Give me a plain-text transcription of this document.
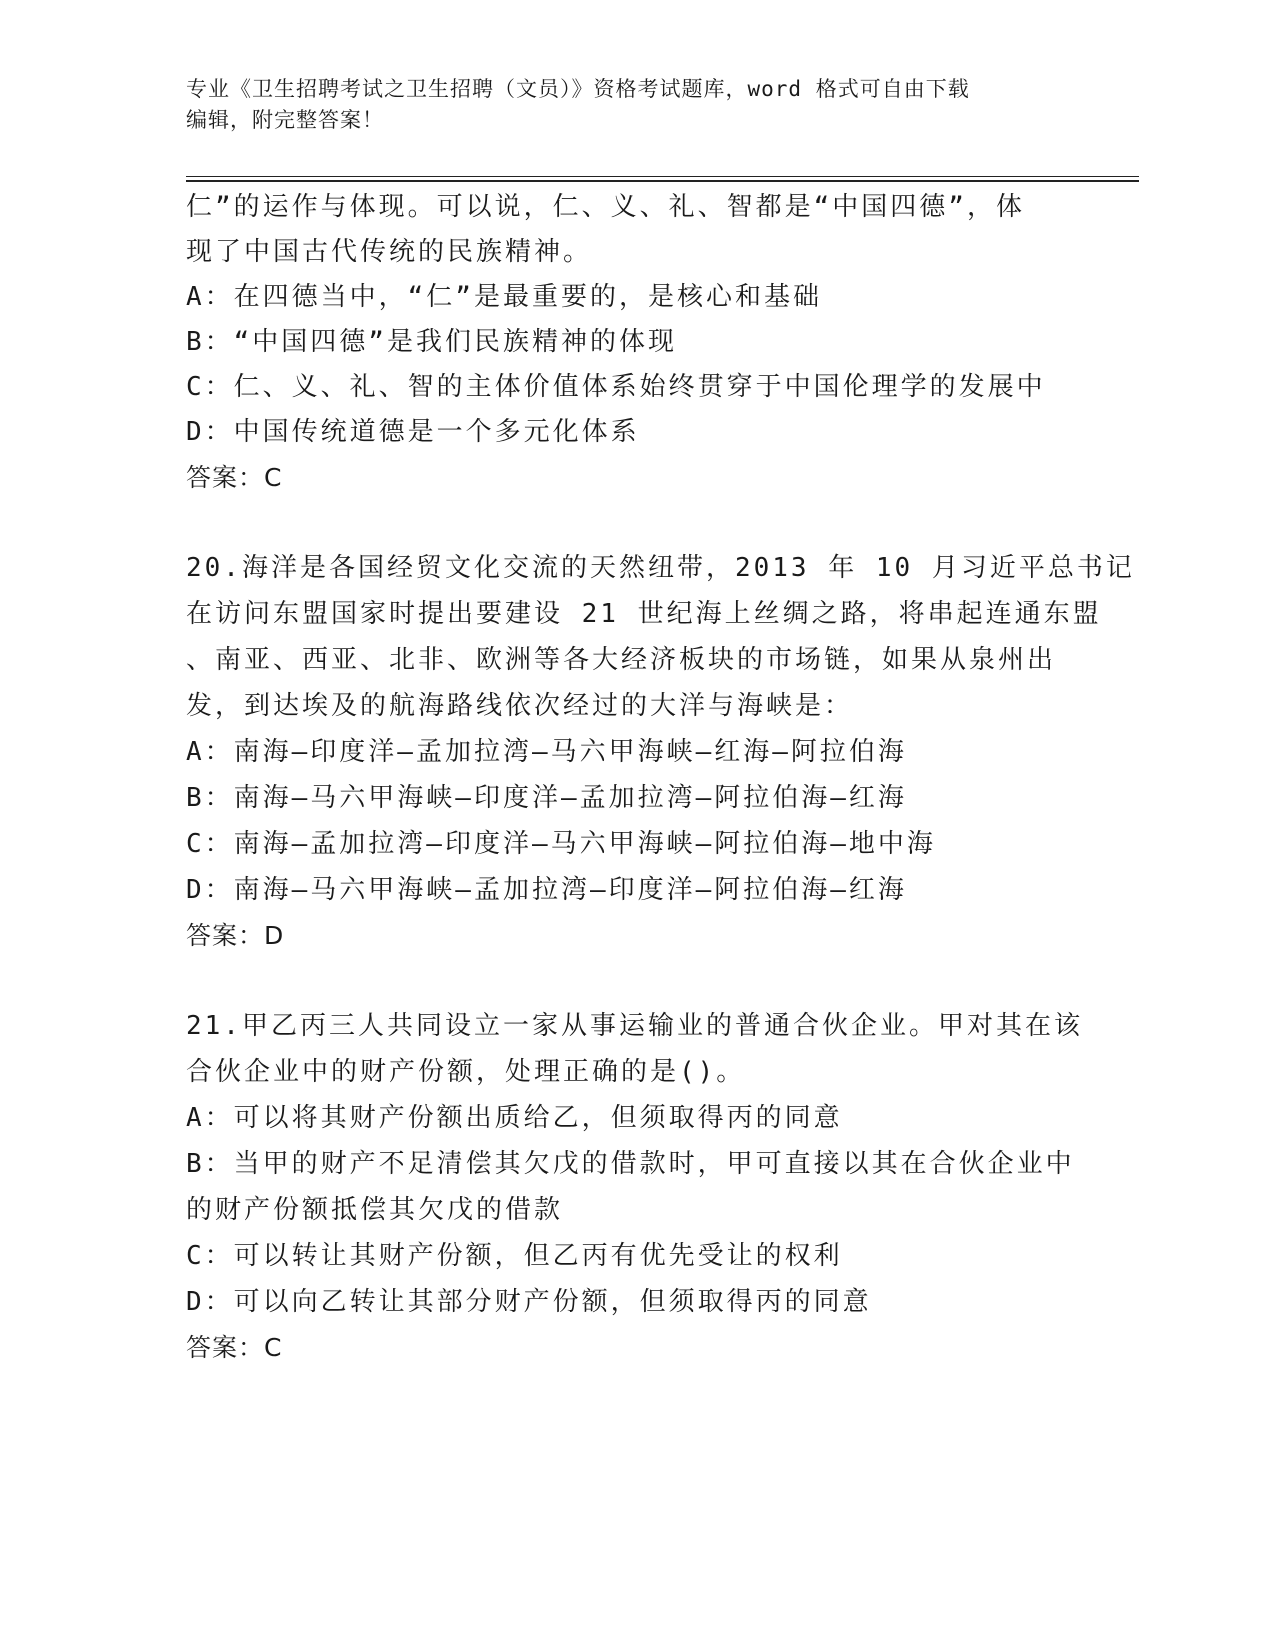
专业《卫生招聘考试之卫生招聘（文员）》资格考试题库，word 格式可自由下载
编辑，附完整答案！
仁”的运作与体现。可以说，仁、义、礼、智都是“中国四德”，体
现了中国古代传统的民族精神。
A：在四德当中，“仁”是最重要的，是核心和基础
B：“中国四德”是我们民族精神的体现
C：仁、义、礼、智的主体价值体系始终贯穿于中国伦理学的发展中
D：中国传统道德是一个多元化体系
答案：C
20.海洋是各国经贸文化交流的天然纽带，2013 年 10 月习近平总书记
在访问东盟国家时提出要建设 21 世纪海上丝绸之路，将串起连通东盟
、南亚、西亚、北非、欧洲等各大经济板块的市场链，如果从泉州出
发，到达埃及的航海路线依次经过的大洋与海峡是：
A：南海—印度洋—孟加拉湾—马六甲海峡—红海—阿拉伯海
B：南海—马六甲海峡—印度洋—孟加拉湾—阿拉伯海—红海
C：南海—孟加拉湾—印度洋—马六甲海峡—阿拉伯海—地中海
D：南海—马六甲海峡—孟加拉湾—印度洋—阿拉伯海—红海
答案：D
21.甲乙丙三人共同设立一家从事运输业的普通合伙企业。甲对其在该
合伙企业中的财产份额，处理正确的是()。
A：可以将其财产份额出质给乙，但须取得丙的同意
B：当甲的财产不足清偿其欠戊的借款时，甲可直接以其在合伙企业中
的财产份额抵偿其欠戊的借款
C：可以转让其财产份额，但乙丙有优先受让的权利
D：可以向乙转让其部分财产份额，但须取得丙的同意
答案：C
